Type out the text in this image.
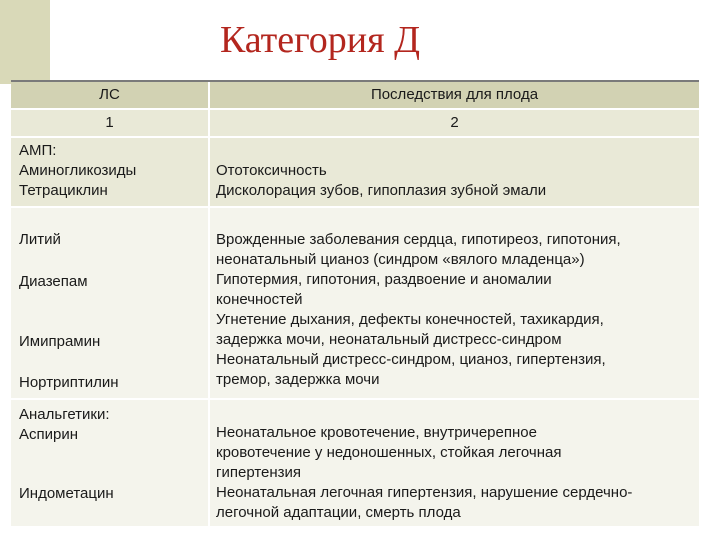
Категория Д
ЛС	Последствия для плода
1	2
АМП:
Аминогликозиды
Тетрациклин
Ототоксичность
Дисколорация зубов, гипоплазия зубной эмали
Литий
Диазепам
Имипрамин
Нортриптилин
Врожденные заболевания сердца, гипотиреоз, гипотония,
неонатальный цианоз (синдром «вялого младенца»)
Гипотермия, гипотония, раздвоение и аномалии
конечностей
Угнетение дыхания, дефекты конечностей, тахикардия,
задержка мочи, неонатальный дистресс-синдром
Неонатальный дистресс-синдром, цианоз, гипертензия,
тремор, задержка мочи
Анальгетики:
Аспирин
Индометацин
Неонатальное кровотечение, внутричерепное
кровотечение у недоношенных, стойкая легочная
гипертензия
Неонатальная легочная гипертензия, нарушение сердечно-
легочной адаптации, смерть плода
